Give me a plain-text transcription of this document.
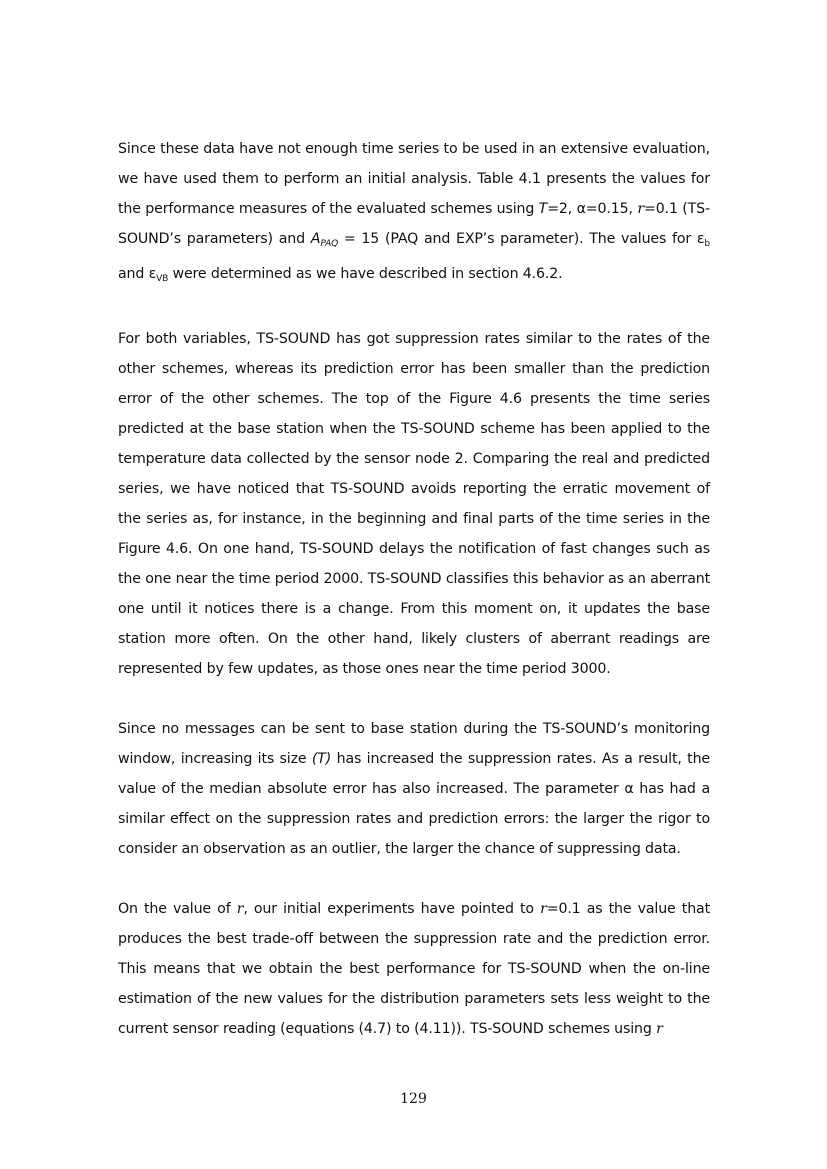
Since these data have not enough time series to be used in an extensive evaluation, we have used them to perform an initial analysis. Table 4.1 presents the values for the performance measures of the evaluated schemes using T=2, α=0.15, r=0.1 (TS-SOUND’s parameters) and $A_{PAQ} = 15$ (PAQ and EXP’s parameter). The values for $\varepsilon_b$ and $\varepsilon_{VB}$ were determined as we have described in section 4.6.2.

For both variables, TS-SOUND has got suppression rates similar to the rates of the other schemes, whereas its prediction error has been smaller than the prediction error of the other schemes. The top of the Figure 4.6 presents the time series predicted at the base station when the TS-SOUND scheme has been applied to the temperature data collected by the sensor node 2. Comparing the real and predicted series, we have noticed that TS-SOUND avoids reporting the erratic movement of the series as, for instance, in the beginning and final parts of the time series in the Figure 4.6. On one hand, TS-SOUND delays the notification of fast changes such as the one near the time period 2000. TS-SOUND classifies this behavior as an aberrant one until it notices there is a change. From this moment on, it updates the base station more often. On the other hand, likely clusters of aberrant readings are represented by few updates, as those ones near the time period 3000.

Since no messages can be sent to base station during the TS-SOUND’s monitoring window, increasing its size (T) has increased the suppression rates. As a result, the value of the median absolute error has also increased. The parameter α has had a similar effect on the suppression rates and prediction errors: the larger the rigor to consider an observation as an outlier, the larger the chance of suppressing data.

On the value of r, our initial experiments have pointed to r=0.1 as the value that produces the best trade-off between the suppression rate and the prediction error. This means that we obtain the best performance for TS-SOUND when the on-line estimation of the new values for the distribution parameters sets less weight to the current sensor reading (equations (4.7) to (4.11)). TS-SOUND schemes using r

129
